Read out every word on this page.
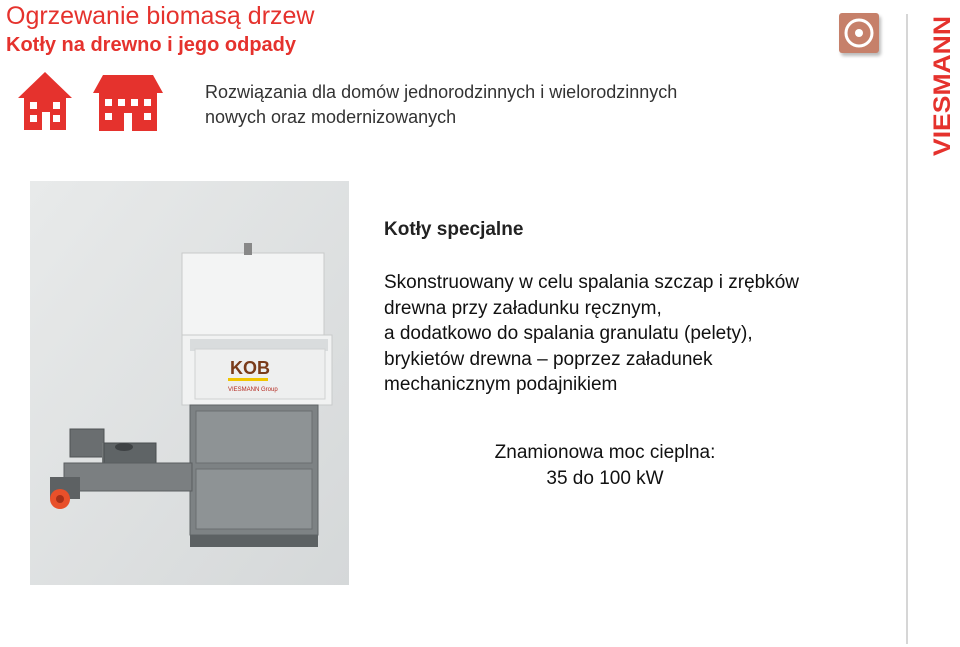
Ogrzewanie biomasą drzew
Kotły na drewno i jego odpady
Rozwiązania dla domów jednorodzinnych i wielorodzinnych
nowych oraz modernizowanych	VIESMANN
KOB
VIESMANN Group
Kotły specjalne
Skonstruowany w celu spalania szczap i zrębków
drewna przy załadunku ręcznym,
a dodatkowo do spalania granulatu (pelety),
brykietów drewna – poprzez załadunek
mechanicznym podajnikiem
Znamionowa moc cieplna:
35 do 100 kW
